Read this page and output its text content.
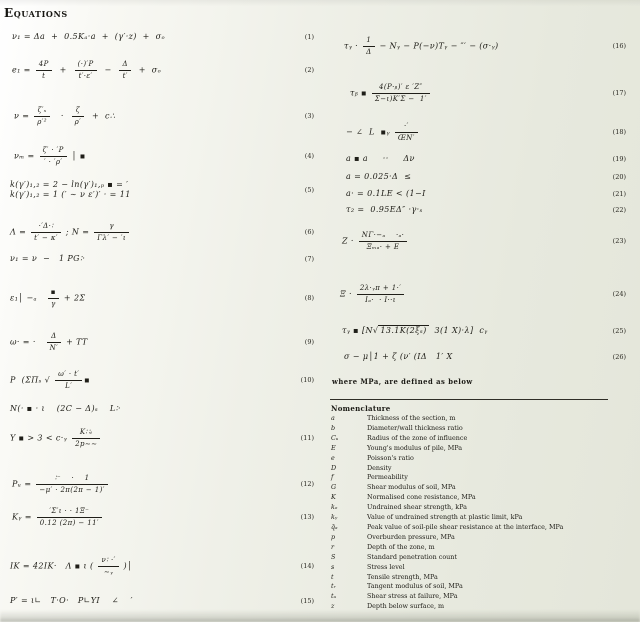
Equations
ν₁ = Δa  +  0.5Κₐ·a  +  (γ′·z)  +  σₒ	(1)
$e_1 = \frac{4P}{t} + \frac{(\cdot)'P}{t'\cdot\varepsilon'} - \frac{\Delta}{t'} + \sigma_o$	(2)
$\nu = \frac{\text{ζ′ₛ}}{\text{ρ′²}} \cdot \frac{\zeta}{\rho'}$ +  c∴	(3)
$\nu_m = \frac{\zeta' \cdot 'P}{' \cdot '\rho'}$ │ ▪	(4)
k(γ′)₁,₂ = 2 − ln(γ′)₁,ₚ ▪ = ′
k(γ′)₁,₂ = 1 (′ ∼ ν ε′)′ · = 11
(5)
$\Lambda = \frac{\cdot'\Delta\cdot∶}{t' - \kappa'}$ ; $N = \frac{\gamma}{\Gamma\lambda' - '\iota}$	(6)
ν₁ = ν  −   1 ΡG∶·	(7)
ε₁│ −ₐ
▪
γ
+ 2Σ	(8)
ω· = · $\frac{\Delta}{N'} + TT$	(9)
Ρ  (ΣΠₛ √ $\frac{\omega' \cdot t'}{L'}$ ▪	(10)
Ν(· ▪ · ι    (2C − Δ)ₛ    L∶·
Υ ▪ > 3 < c·ᵧ $\frac{\text{Κ∷ₜ}}{2p\sim\sim}$	(11)
Ρᵤ = $\frac{∶^- \cdot 1}{-\mu' \cdot 2\pi(2\pi - 1)'}$	(12)
Κᵧ = $\frac{'\Sigma'\iota \cdot \cdot 1\Xi^-}{0.12 (2\pi) - 11'}$	(13)
ΙΚ = 42ΙΚ·   Λ ▪ ι ( $\frac{\nu∶ \cdot'}{\text{∼ᵧ}}$ )│	(14)
Ρ′ = ι∟   Τ·Ο·   Ρ∟ΥΙ    ∠    ′	(15)
τᵧ · $\frac{1}{\Delta}$ − Νᵧ − Ρ(−ν)Τᵧ − ″′ − (σ·ᵧ)	(16)
τᵦ ▪ $\frac{\text{4(Ρ·ᵦ)′ ε ′Ζ″}}{\Sigma-\iota)K'\Sigma - 1'}$	(17)
− ∠  L  ▪ᵧ
·′
ŒΝ′
(18)
a ▪ a     ··     Δν	(19)
a = 0.025·Δ  ≤	(20)
a· = 0.1LΕ < (1−Ι	(21)
τ₂ =  0.95ΕΔ″ ·γ·ₛ	(22)
Ζ ·
ΝΓ·−ₐ    ·ₐ·
Ξₘₐ· + Ε
(23)
$\Xi \cdot \frac{\text{2λ·ᵧπ + 1·′}}{\text{Ιₐ·  · Ι··ι}}$	(24)
τᵧ ▪ [Ν√ 13.1Κ(2ξₛ)  3(1 Χ)·λ]  cᵧ	(25)
σ − μ│1 + ζ (ν′ (ΙΔ   1′ Χ	(26)
where MPa, are defined as below
Nomenclature
a	Thickness of the section, m
b	Diameter/wall thickness ratio
Cᵤ	Radius of the zone of influence
E	Young's modulus of pile, MPa
e	Poisson's ratio
D	Density
f	Permeability
G	Shear modulus of soil, MPa
K	Normalised cone resistance, MPa
kₒ	Undrained shear strength, kPa
kᵧ	Value of undrained strength at plastic limit, kPa
q̄ₐ	Peak value of soil-pile shear resistance at the interface, MPa
p	Overburden pressure, MPa
r	Depth of the zone, m
S	Standard penetration count
s	Stress level
t	Tensile strength, MPa
tᵣ	Tangent modulus of soil, MPa
tᵤ	Shear stress at failure, MPa
z	Depth below surface, m
